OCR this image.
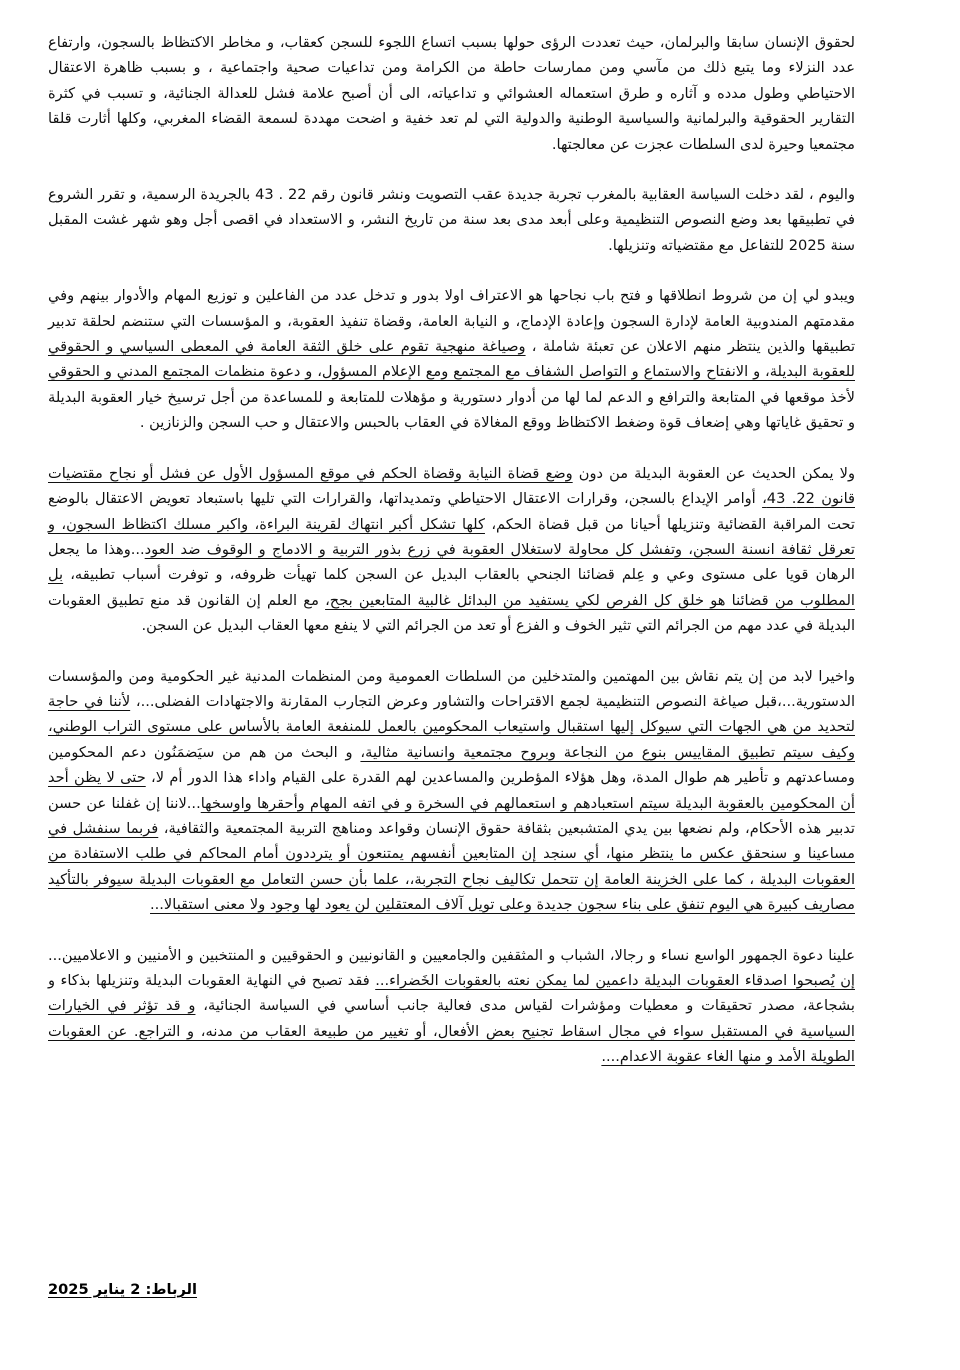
لحقوق الإنسان سابقا والبرلمان، حيث تعددت الرؤى حولها بسبب اتساع اللجوء للسجن كعقاب، و مخاطر الاكتظاظ بالسجون، وارتفاع عدد النزلاء وما يتبع ذلك من مآسي ومن ممارسات حاطة من الكرامة ومن تداعيات صحية واجتماعية ، و بسبب ظاهرة الاعتقال الاحتياطي وطول مدده و آثاره و طرق استعماله العشوائي و تداعياته، الى أن أصبح علامة فشل للعدالة الجنائية، و تسبب في كثرة التقارير الحقوقية والبرلمانية والسياسية الوطنية والدولية التي لم تعد خفية و اضحت مهددة لسمعة القضاء المغربي، وكلها أثارت قلقا مجتمعيا وحيرة لدى السلطات عجزت عن معالجتها.

واليوم ، لقد دخلت السياسة العقابية بالمغرب تجربة جديدة عقب التصويت ونشر قانون رقم 22 . 43 بالجريدة الرسمية، و تقرر الشروع في تطبيقها بعد وضع النصوص التنظيمية وعلى أبعد مدى بعد سنة من تاريخ النشر، و الاستعداد في اقصى أجل وهو شهر غشت المقبل سنة 2025 للتفاعل مع مقتضياته وتنزيلها.

ويبدو لي إن من شروط انطلاقها و فتح باب نجاحها هو الاعتراف اولا بدور و تدخل عدد من الفاعلين و توزيع المهام والأدوار بينهم وفي مقدمتهم المندوبية العامة لإدارة السجون وإعادة الإدماج، و النيابة العامة، وقضاة تنفيذ العقوبة، و المؤسسات التي ستنضم لحلقة تدبير تطبيقها والذين ينتظر منهم الاعلان عن تعبئة شاملة ، وصياغة منهجية تقوم على خلق الثقة العامة في المعطى السياسي و الحقوقي للعقوبة البديلة، و الانفتاح والاستماع و التواصل الشفاف مع المجتمع ومع الإعلام المسؤول، و دعوة منظمات المجتمع المدني و الحقوقي لأخذ موقعها في المتابعة والترافع و الدعم لما لها من أدوار دستورية و مؤهلات للمتابعة و للمساعدة من أجل ترسيخ خيار العقوبة البديلة و تحقيق غاياتها وهي إضعاف قوة وضغط الاكتظاظ ووقع المغالاة في العقاب بالحبس والاعتقال و حب السجن والزنازين .

ولا يمكن الحديث عن العقوبة البديلة من دون وضع قضاة النيابة وقضاة الحكم في موقع المسؤول الأول عن فشل أو نجاح مقتضيات قانون 22. 43، أوامر الإيداع بالسجن، وقرارات الاعتقال الاحتياطي وتمديداتها، والقرارات التي تليها باستبعاد تعويض الاعتقال بالوضع تحت المراقبة القضائية وتنزيلها أحيانا من قبل قضاة الحكم، كلها تشكل أكبر انتهاك لقرينة البراءة، واكبر مسلك اكتظاظ السجون، و تعرقل ثقافة انسنة السجن، وتفشل كل محاولة لاستغلال العقوبة في زرع بذور التربية و الادماج و الوقوف ضد العود...وهذا ما يجعل الرهان قويا على مستوى وعي و عِلم قضائنا الجنحي بالعقاب البديل عن السجن كلما تهيأت ظروفه، و توفرت أسباب تطبيقه، بل المطلوب من قضائنا هو خلق كل الفرص لكي يستفيد من البدائل غالبية المتابعين بجح، مع العلم إن القانون قد منع تطبيق العقوبات البديلة في عدد مهم من الجرائم التي تثير الخوف و الفزع أو تعد من الجرائم التي لا ينفع معها العقاب البديل عن السجن.

واخيرا لابد من إن يتم نقاش بين المهتمين والمتدخلين من السلطات العمومية ومن المنظمات المدنية غير الحكومية ومن والمؤسسات الدستورية...،قبل صياغة النصوص التنظيمية لجمع الاقتراحات والتشاور وعرض التجارب المقارنة والاجتهادات الفضلى...، لأننا في حاجة لتحديد من هي الجهات التي سيوكل إليها استقبال واستيعاب المحكومين بالعمل للمنفعة العامة بالأساس على مستوى التراب الوطني، وكيف سيتم تطبيق المقاييس بنوع من النجاعة وبروح مجتمعية وانسانية مثالية، و البحث من هم من سيَضمَنُون دعم المحكومين ومساعدتهم و تأطير هم طوال المدة، وهل هؤلاء المؤطرين والمساعدين لهم القدرة على القيام واداء هذا الدور أم لا، حتى لا يظن أحد أن المحكومين بالعقوبة البديلة سيتم استعبادهم و استعمالهم في السخرة و في اتفه المهام وأحقرها واوسخها...لاننا إن غفلنا عن حسن تدبير هذه الأحكام، ولم نضعها بين يدي المتشبعين بثقافة حقوق الإنسان وقواعد ومناهج التربية المجتمعية والثقافية، فربما سنفشل في مساعينا و سنحقق عكس ما ينتظر منها، أي سنجد إن المتابعين أنفسهم يمتنعون أو يترددون أمام المحاكم في طلب الاستفادة من العقوبات البديلة ، كما على الخزينة العامة إن تتحمل تكاليف نجاح التجربة،، علما بأن حسن التعامل مع العقوبات البديلة سيوفر بالتأكيد مصاريف كبيرة هي اليوم تنفق على بناء سجون جديدة وعلى تويل آلاف المعتقلين لن يعود لها وجود ولا معنى استقبالا...

علينا دعوة الجمهور الواسع نساء و رجالا، الشباب و المثقفين والجامعيين و القانونيين و الحقوقيين و المنتخبين و الأمنيين و الاعلاميين... إن يُصبحوا اصدقاء العقوبات البديلة داعمين لما يمكن نعته بالعقوبات الخَضراء... فقد تصبح في النهاية العقوبات البديلة وتنزيلها بذكاء و بشجاعة، مصدر تحقيقات و معطيات ومؤشرات لقياس مدى فعالية جانب أساسي في السياسة الجنائية، و قد تؤثر في الخيارات السياسية في المستقبل سواء في مجال اسقاط تجنيح بعض الأفعال، أو تغيير من طبيعة العقاب من مدنه، و التراجع. عن العقوبات الطويلة الأمد و منها الغاء عقوبة الاعدام....

الرباط: 2 يناير 2025
